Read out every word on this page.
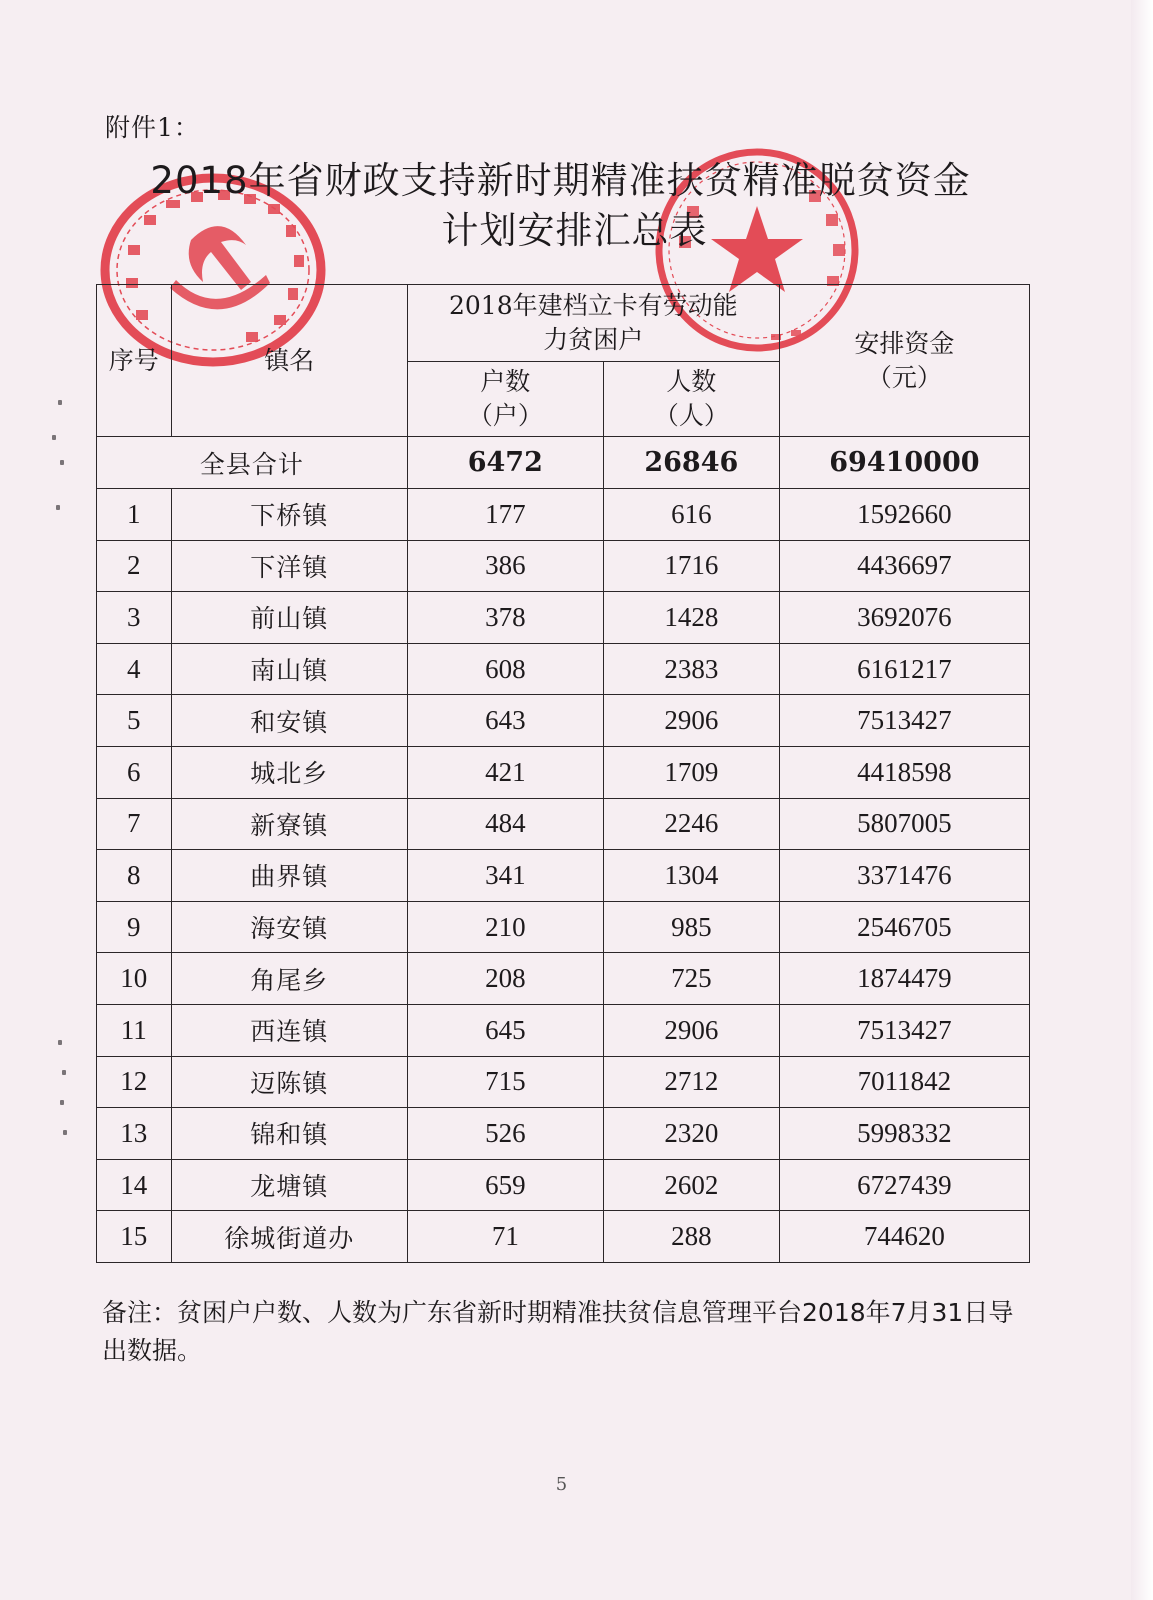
附件1：
2018年省财政支持新时期精准扶贫精准脱贫资金
计划安排汇总表
序号	镇名	2018年建档立卡有劳动能力贫困户		安排资金（元）
		户数（户）	人数（人）	
全县合计		6472	26846	69410000
1	下桥镇	177	616	1592660
2	下洋镇	386	1716	4436697
3	前山镇	378	1428	3692076
4	南山镇	608	2383	6161217
5	和安镇	643	2906	7513427
6	城北乡	421	1709	4418598
7	新寮镇	484	2246	5807005
8	曲界镇	341	1304	3371476
9	海安镇	210	985	2546705
10	角尾乡	208	725	1874479
11	西连镇	645	2906	7513427
12	迈陈镇	715	2712	7011842
13	锦和镇	526	2320	5998332
14	龙塘镇	659	2602	6727439
15	徐城街道办	71	288	744620
备注：贫困户户数、人数为广东省新时期精准扶贫信息管理平台2018年7月31日导出数据。
5
